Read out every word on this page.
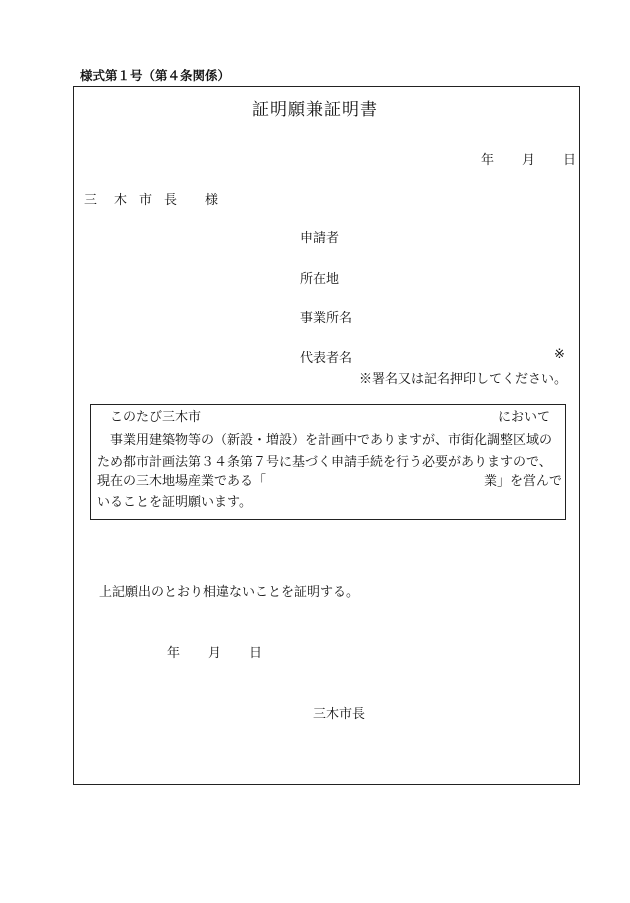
様式第１号（第４条関係）
証明願兼証明書
年 月 日
三 木 市 長 様
申請者
所在地
事業所名
代表者名	※
※署名又は記名押印してください。
このたび三木市	において
事業用建築物等の（新設・増設）を計画中でありますが、市街化調整区域の
ため都市計画法第３４条第７号に基づく申請手続を行う必要がありますので、
現在の三木地場産業である「	業」を営んで
いることを証明願います。
上記願出のとおり相違ないことを証明する。
年 月 日
三木市長
